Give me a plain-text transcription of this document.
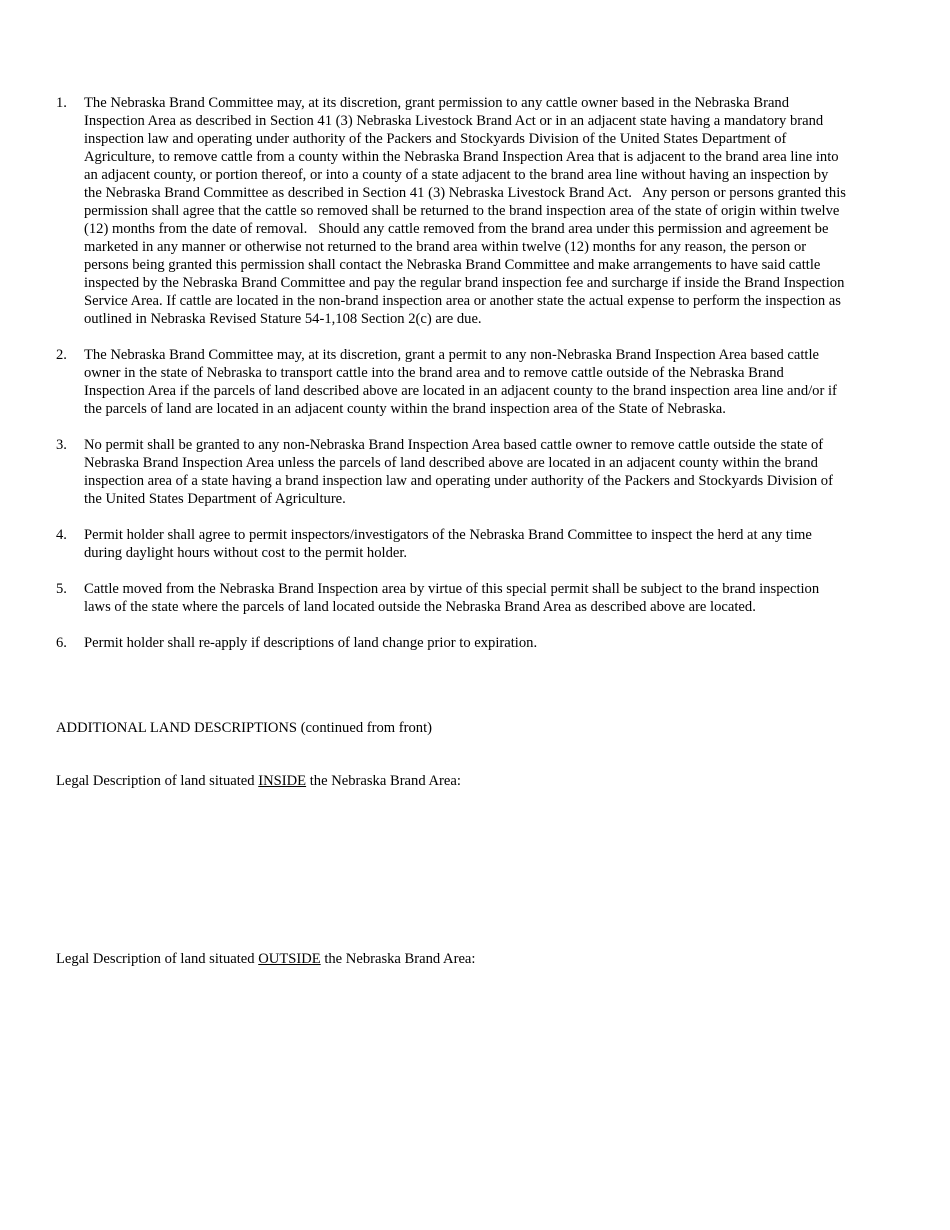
1. The Nebraska Brand Committee may, at its discretion, grant permission to any cattle owner based in the Nebraska Brand Inspection Area as described in Section 41 (3) Nebraska Livestock Brand Act or in an adjacent state having a mandatory brand inspection law and operating under authority of the Packers and Stockyards Division of the United States Department of Agriculture, to remove cattle from a county within the Nebraska Brand Inspection Area that is adjacent to the brand area line into an adjacent county, or portion thereof, or into a county of a state adjacent to the brand area line without having an inspection by the Nebraska Brand Committee as described in Section 41 (3) Nebraska Livestock Brand Act.   Any person or persons granted this permission shall agree that the cattle so removed shall be returned to the brand inspection area of the state of origin within twelve (12) months from the date of removal.   Should any cattle removed from the brand area under this permission and agreement be marketed in any manner or otherwise not returned to the brand area within twelve (12) months for any reason, the person or persons being granted this permission shall contact the Nebraska Brand Committee and make arrangements to have said cattle inspected by the Nebraska Brand Committee and pay the regular brand inspection fee and surcharge if inside the Brand Inspection Service Area. If cattle are located in the non-brand inspection area or another state the actual expense to perform the inspection as outlined in Nebraska Revised Stature 54-1,108 Section 2(c) are due.
2. The Nebraska Brand Committee may, at its discretion, grant a permit to any non-Nebraska Brand Inspection Area based cattle owner in the state of Nebraska to transport cattle into the brand area and to remove cattle outside of the Nebraska Brand Inspection Area if the parcels of land described above are located in an adjacent county to the brand inspection area line and/or if the parcels of land are located in an adjacent county within the brand inspection area of the State of Nebraska.
3. No permit shall be granted to any non-Nebraska Brand Inspection Area based cattle owner to remove cattle outside the state of Nebraska Brand Inspection Area unless the parcels of land described above are located in an adjacent county within the brand inspection area of a state having a brand inspection law and operating under authority of the Packers and Stockyards Division of the United States Department of Agriculture.
4. Permit holder shall agree to permit inspectors/investigators of the Nebraska Brand Committee to inspect the herd at any time during daylight hours without cost to the permit holder.
5. Cattle moved from the Nebraska Brand Inspection area by virtue of this special permit shall be subject to the brand inspection laws of the state where the parcels of land located outside the Nebraska Brand Area as described above are located.
6. Permit holder shall re-apply if descriptions of land change prior to expiration.
ADDITIONAL LAND DESCRIPTIONS (continued from front)
Legal Description of land situated INSIDE the Nebraska Brand Area:
Legal Description of land situated OUTSIDE the Nebraska Brand Area:
